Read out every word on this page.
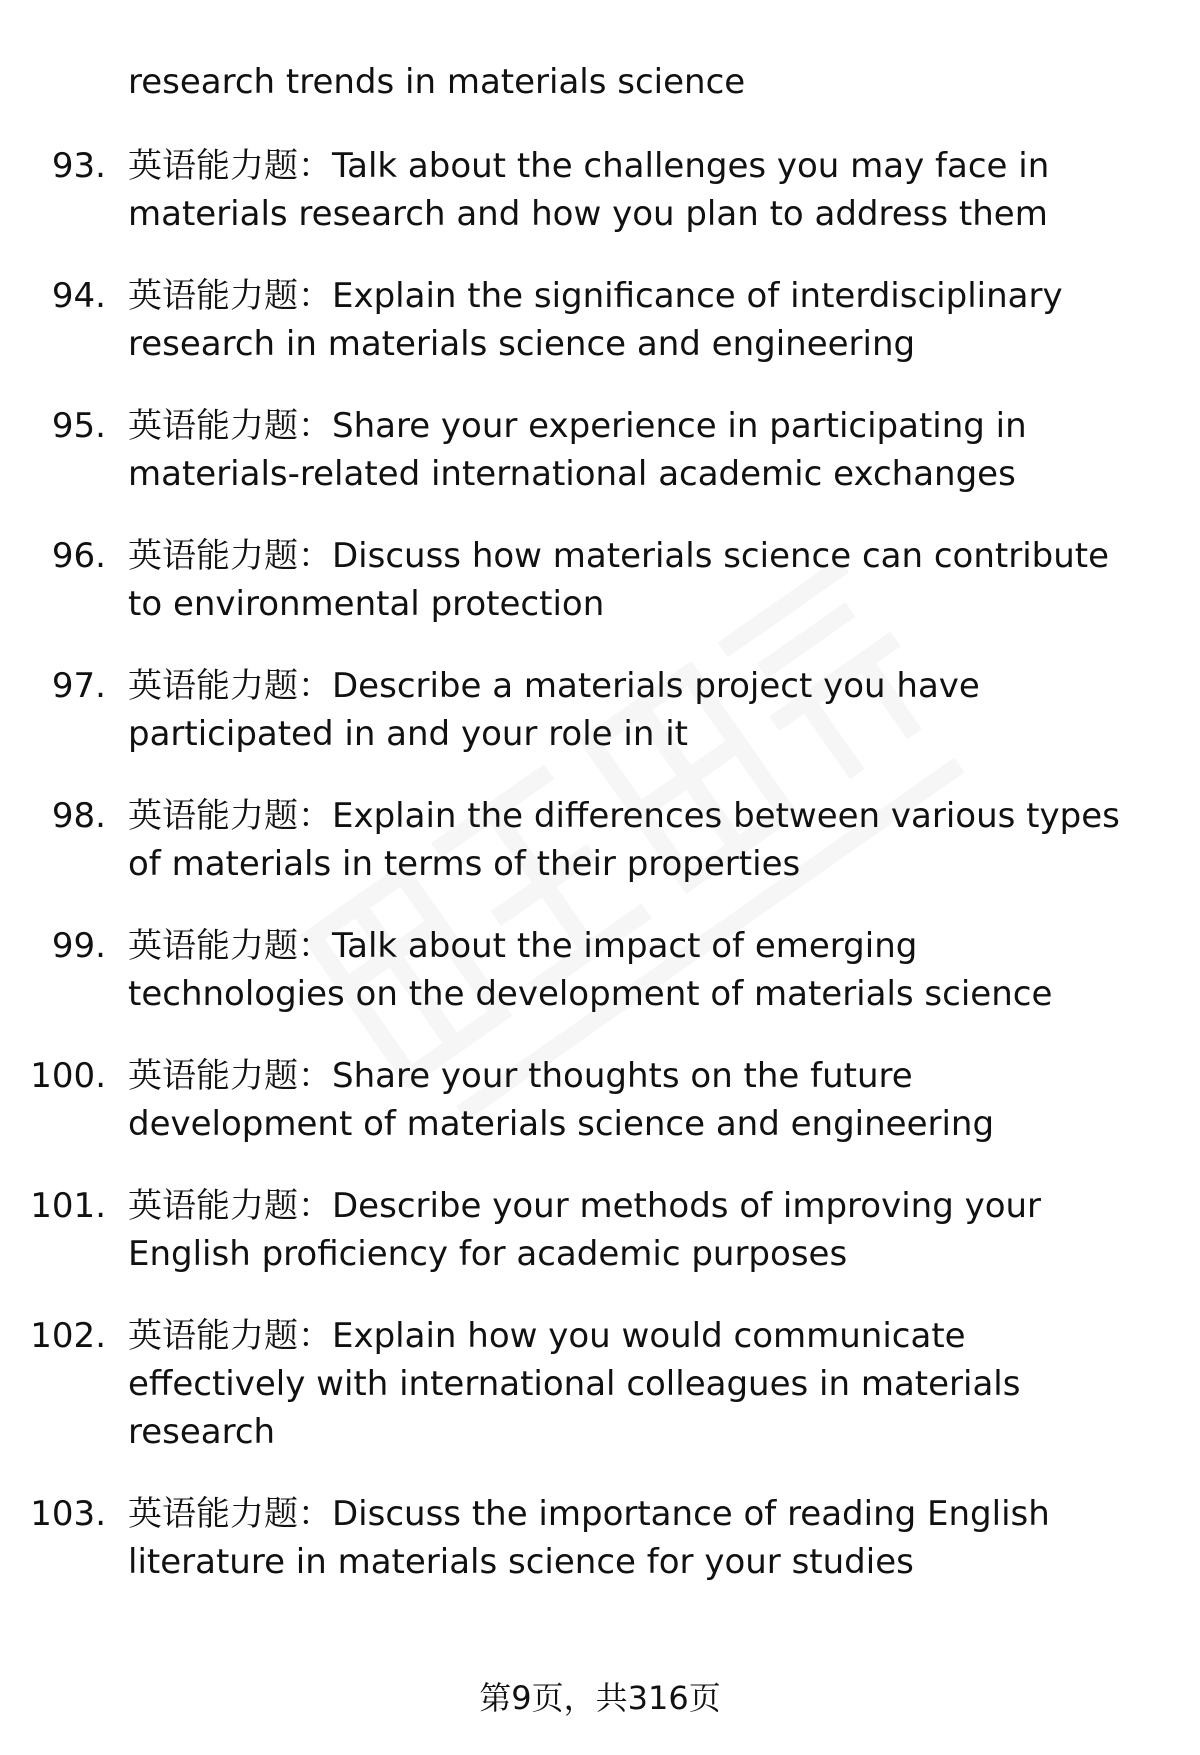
research trends in materials science
93. 英语能力题：Talk about the challenges you may face in materials research and how you plan to address them
94. 英语能力题：Explain the significance of interdisciplinary research in materials science and engineering
95. 英语能力题：Share your experience in participating in materials-related international academic exchanges
96. 英语能力题：Discuss how materials science can contribute to environmental protection
97. 英语能力题：Describe a materials project you have participated in and your role in it
98. 英语能力题：Explain the differences between various types of materials in terms of their properties
99. 英语能力题：Talk about the impact of emerging technologies on the development of materials science
100. 英语能力题：Share your thoughts on the future development of materials science and engineering
101. 英语能力题：Describe your methods of improving your English proficiency for academic purposes
102. 英语能力题：Explain how you would communicate effectively with international colleagues in materials research
103. 英语能力题：Discuss the importance of reading English literature in materials science for your studies
第9页，共316页
